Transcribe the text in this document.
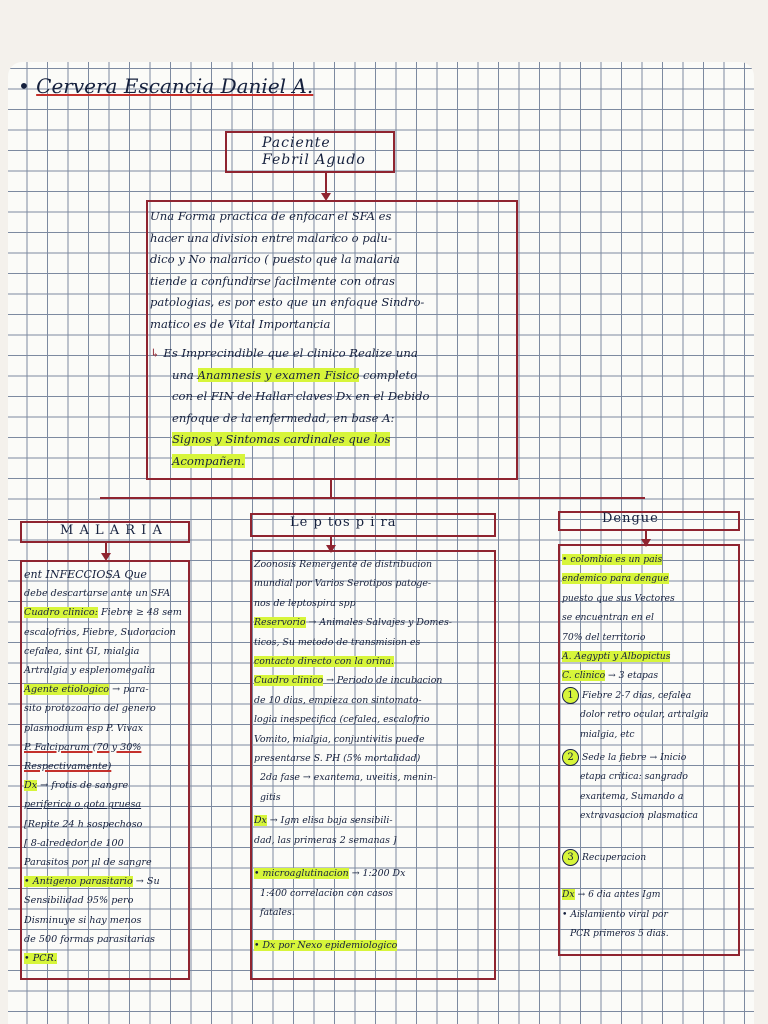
• Cervera Escancia Daniel A.
Paciente
Febril Agudo
Una Forma practica de enfocar el SFA es
hacer una division entre malarico o palu-
dico y No malarico ( puesto que la malaria
tiende a confundirse facilmente con otras
patologias, es por esto que un enfoque Sindro-
matico es de Vital Importancia
↳ Es Imprecindible que el clinico Realize una
una Anamnesis y examen Fisico completo
con el FIN de Hallar claves Dx en el Debido
enfoque de la enfermedad, en base A:
Signos y Sintomas cardinales que los
Acompañen.
M A L A R I A
ent INFECCIOSA Que
debe descartarse ante un SFA
Cuadro clinico: Fiebre ≥ 48 sem
escalofrios, Fiebre, Sudoracion
cefalea, sint GI, mialgia
Artralgia y esplenomegalia
Agente etiologico → para-
sito protozoario del genero
plasmodium esp P. Vivax
P. Falciparum (70 y 30%
Respectivamente)
Dx → frotis de sangre
periferica o gota gruesa
[Repite 24 h sospechoso
[ 8-alrededor de 100
Parasitos por μl de sangre
• Antigeno parasitario → Su
Sensibilidad 95% pero
Disminuye si hay menos
de 500 formas parasitarias
• PCR.
Le p tos p i ra
Zoonosis Remergente de distribucion
mundial por Varios Serotipos patoge-
nos de leptospira spp
Reservorio → Animales Salvajes y Domes-
ticos, Su metodo de transmision es
contacto directo con la orina.
Cuadro clinico → Periodo de incubacion
de 10 dias, empieza con sintomato-
logia inespecifica (cefalea, escalofrio
Vomito, mialgia, conjuntivitis puede
presentarse S. PH (5% mortalidad)
2da fase → exantema, uveitis, menin-
gitis
Dx → Igm elisa baja sensibili-
dad, las primeras 2 semanas ]
• microaglutinacion → 1:200 Dx
1:400 correlacion con casos
fatales.
• Dx por Nexo epidemiologico
Dengue
• colombia es un pais
endemico para dengue
puesto que sus Vectores
se encuentran en el
70% del territorio
A. Aegypti y Albopictus
C. clinico → 3 etapas
1 Fiebre 2-7 dias, cefalea
dolor retro ocular, artralgia
mialgia, etc
2 Sede la fiebre → Inicio
etapa critica: sangrado
exantema, Sumando a
extravasacion plasmatica
3 Recuperacion
Dx → 6 dia antes Igm
• Aislamiento viral por
PCR primeros 5 dias.
